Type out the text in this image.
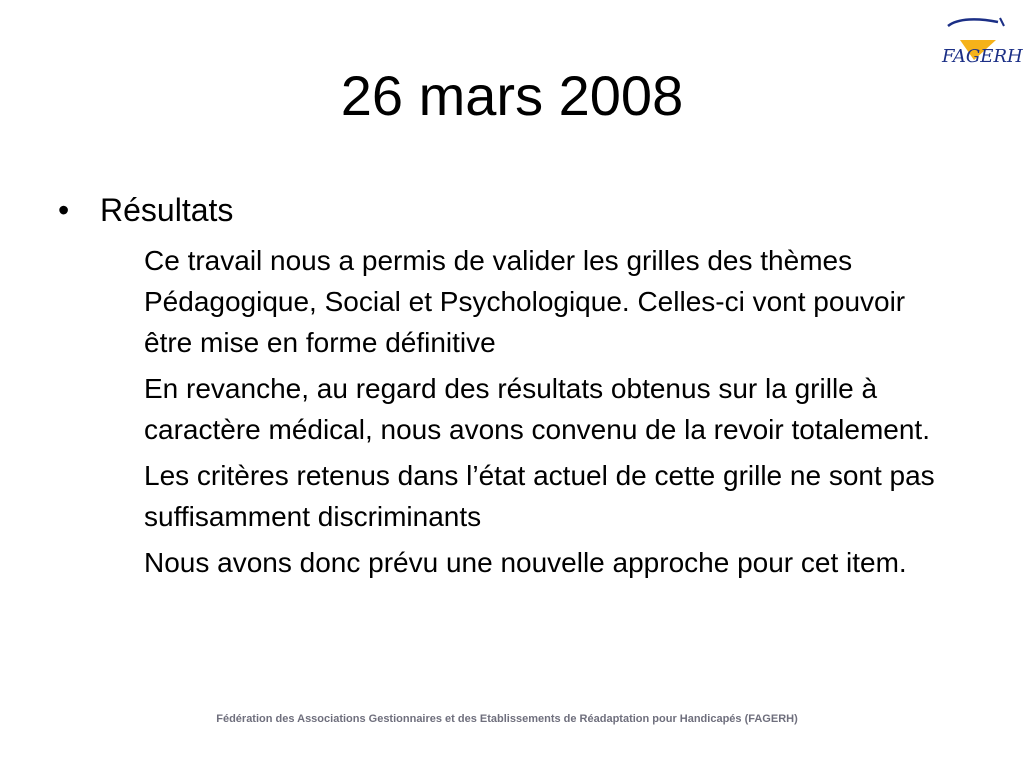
26 mars 2008
FAGERH
• Résultats
Ce travail nous a permis de valider les grilles des thèmes Pédagogique, Social et Psychologique. Celles-ci vont pouvoir être mise en forme définitive
En revanche, au regard des résultats obtenus sur la grille à caractère médical, nous avons convenu de la revoir totalement.
Les critères retenus dans l’état actuel de cette grille ne sont pas suffisamment discriminants
Nous avons donc prévu une nouvelle approche pour cet item.
Fédération des Associations Gestionnaires et des Etablissements de Réadaptation pour Handicapés (FAGERH)
